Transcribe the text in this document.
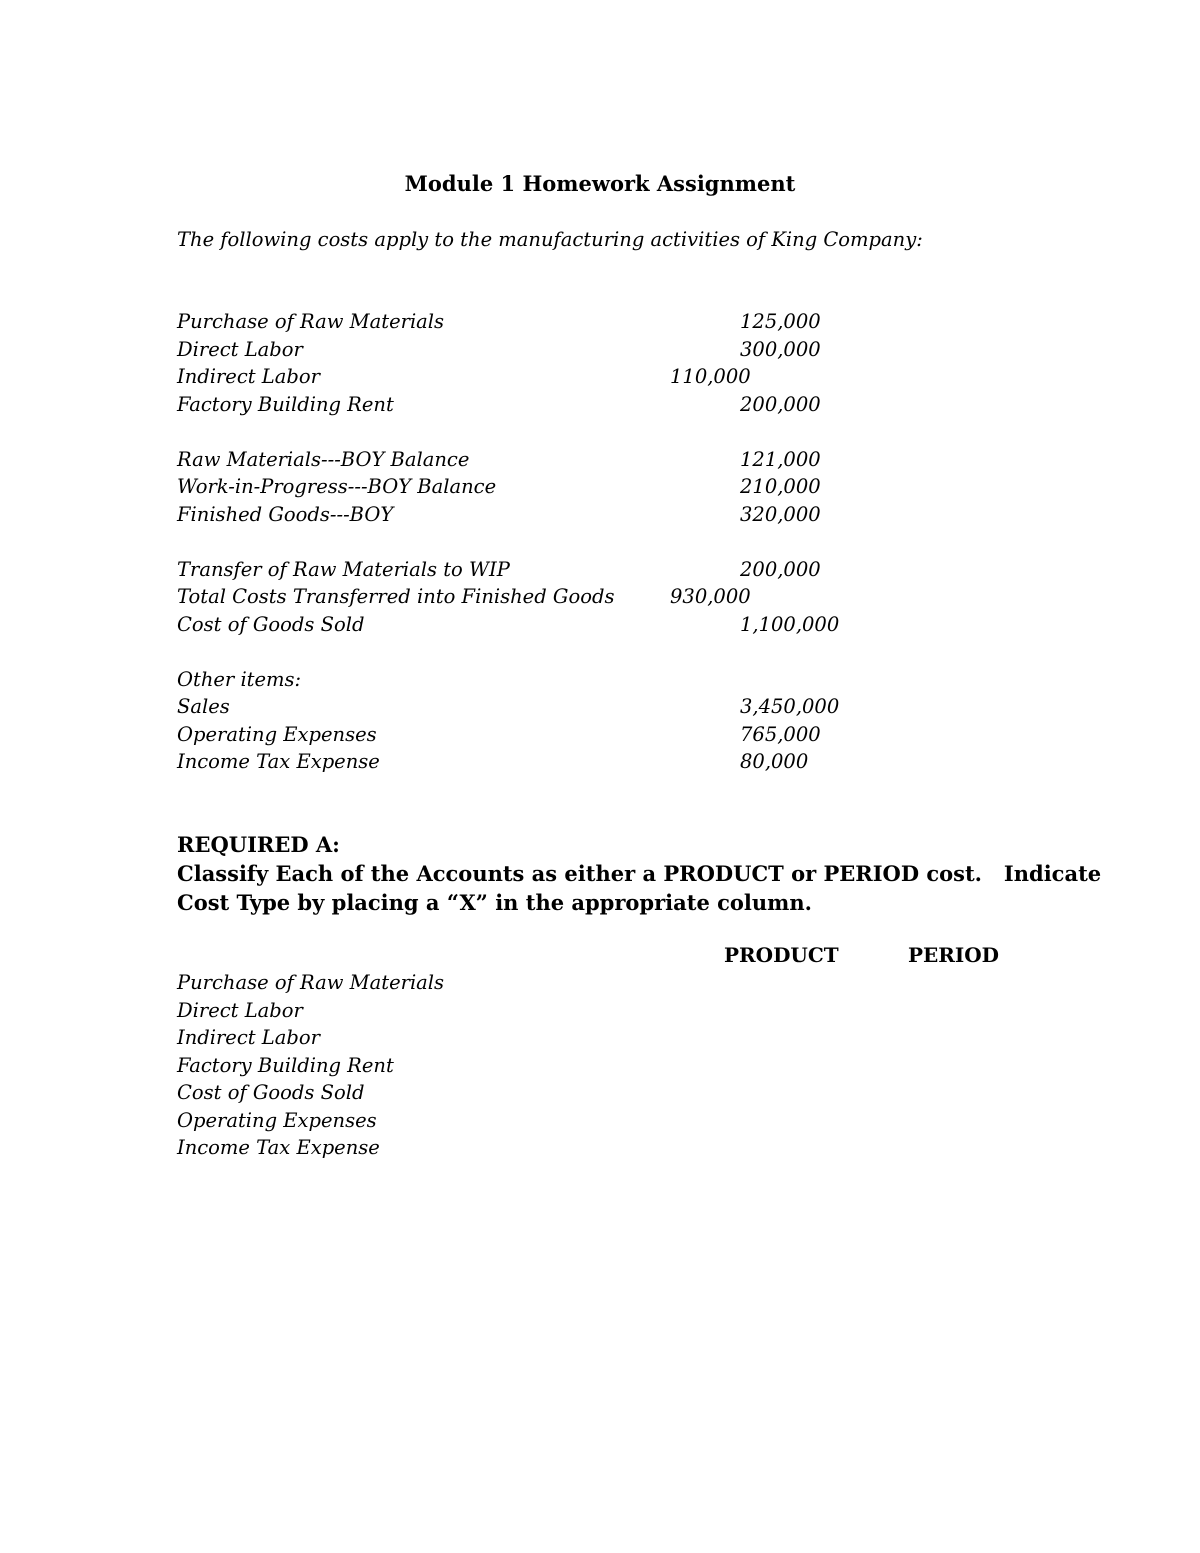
Module 1 Homework Assignment
The following costs apply to the manufacturing activities of King Company:
Purchase of Raw Materials	125,000
Direct Labor	300,000
Indirect Labor	110,000
Factory Building Rent	200,000
Raw Materials---BOY Balance	121,000
Work-in-Progress---BOY Balance	210,000
Finished Goods---BOY	320,000
Transfer of Raw Materials to WIP	200,000
Total Costs Transferred into Finished Goods	930,000
Cost of Goods Sold	1,100,000
Other items:
Sales	3,450,000
Operating Expenses	765,000
Income Tax Expense	80,000

REQUIRED A:

Classify Each of the Accounts as either a PRODUCT or PERIOD cost.   Indicate

Cost Type by placing a “X” in the appropriate column.

PRODUCT	PERIOD
Purchase of Raw Materials
Direct Labor
Indirect Labor
Factory Building Rent
Cost of Goods Sold
Operating Expenses
Income Tax Expense
